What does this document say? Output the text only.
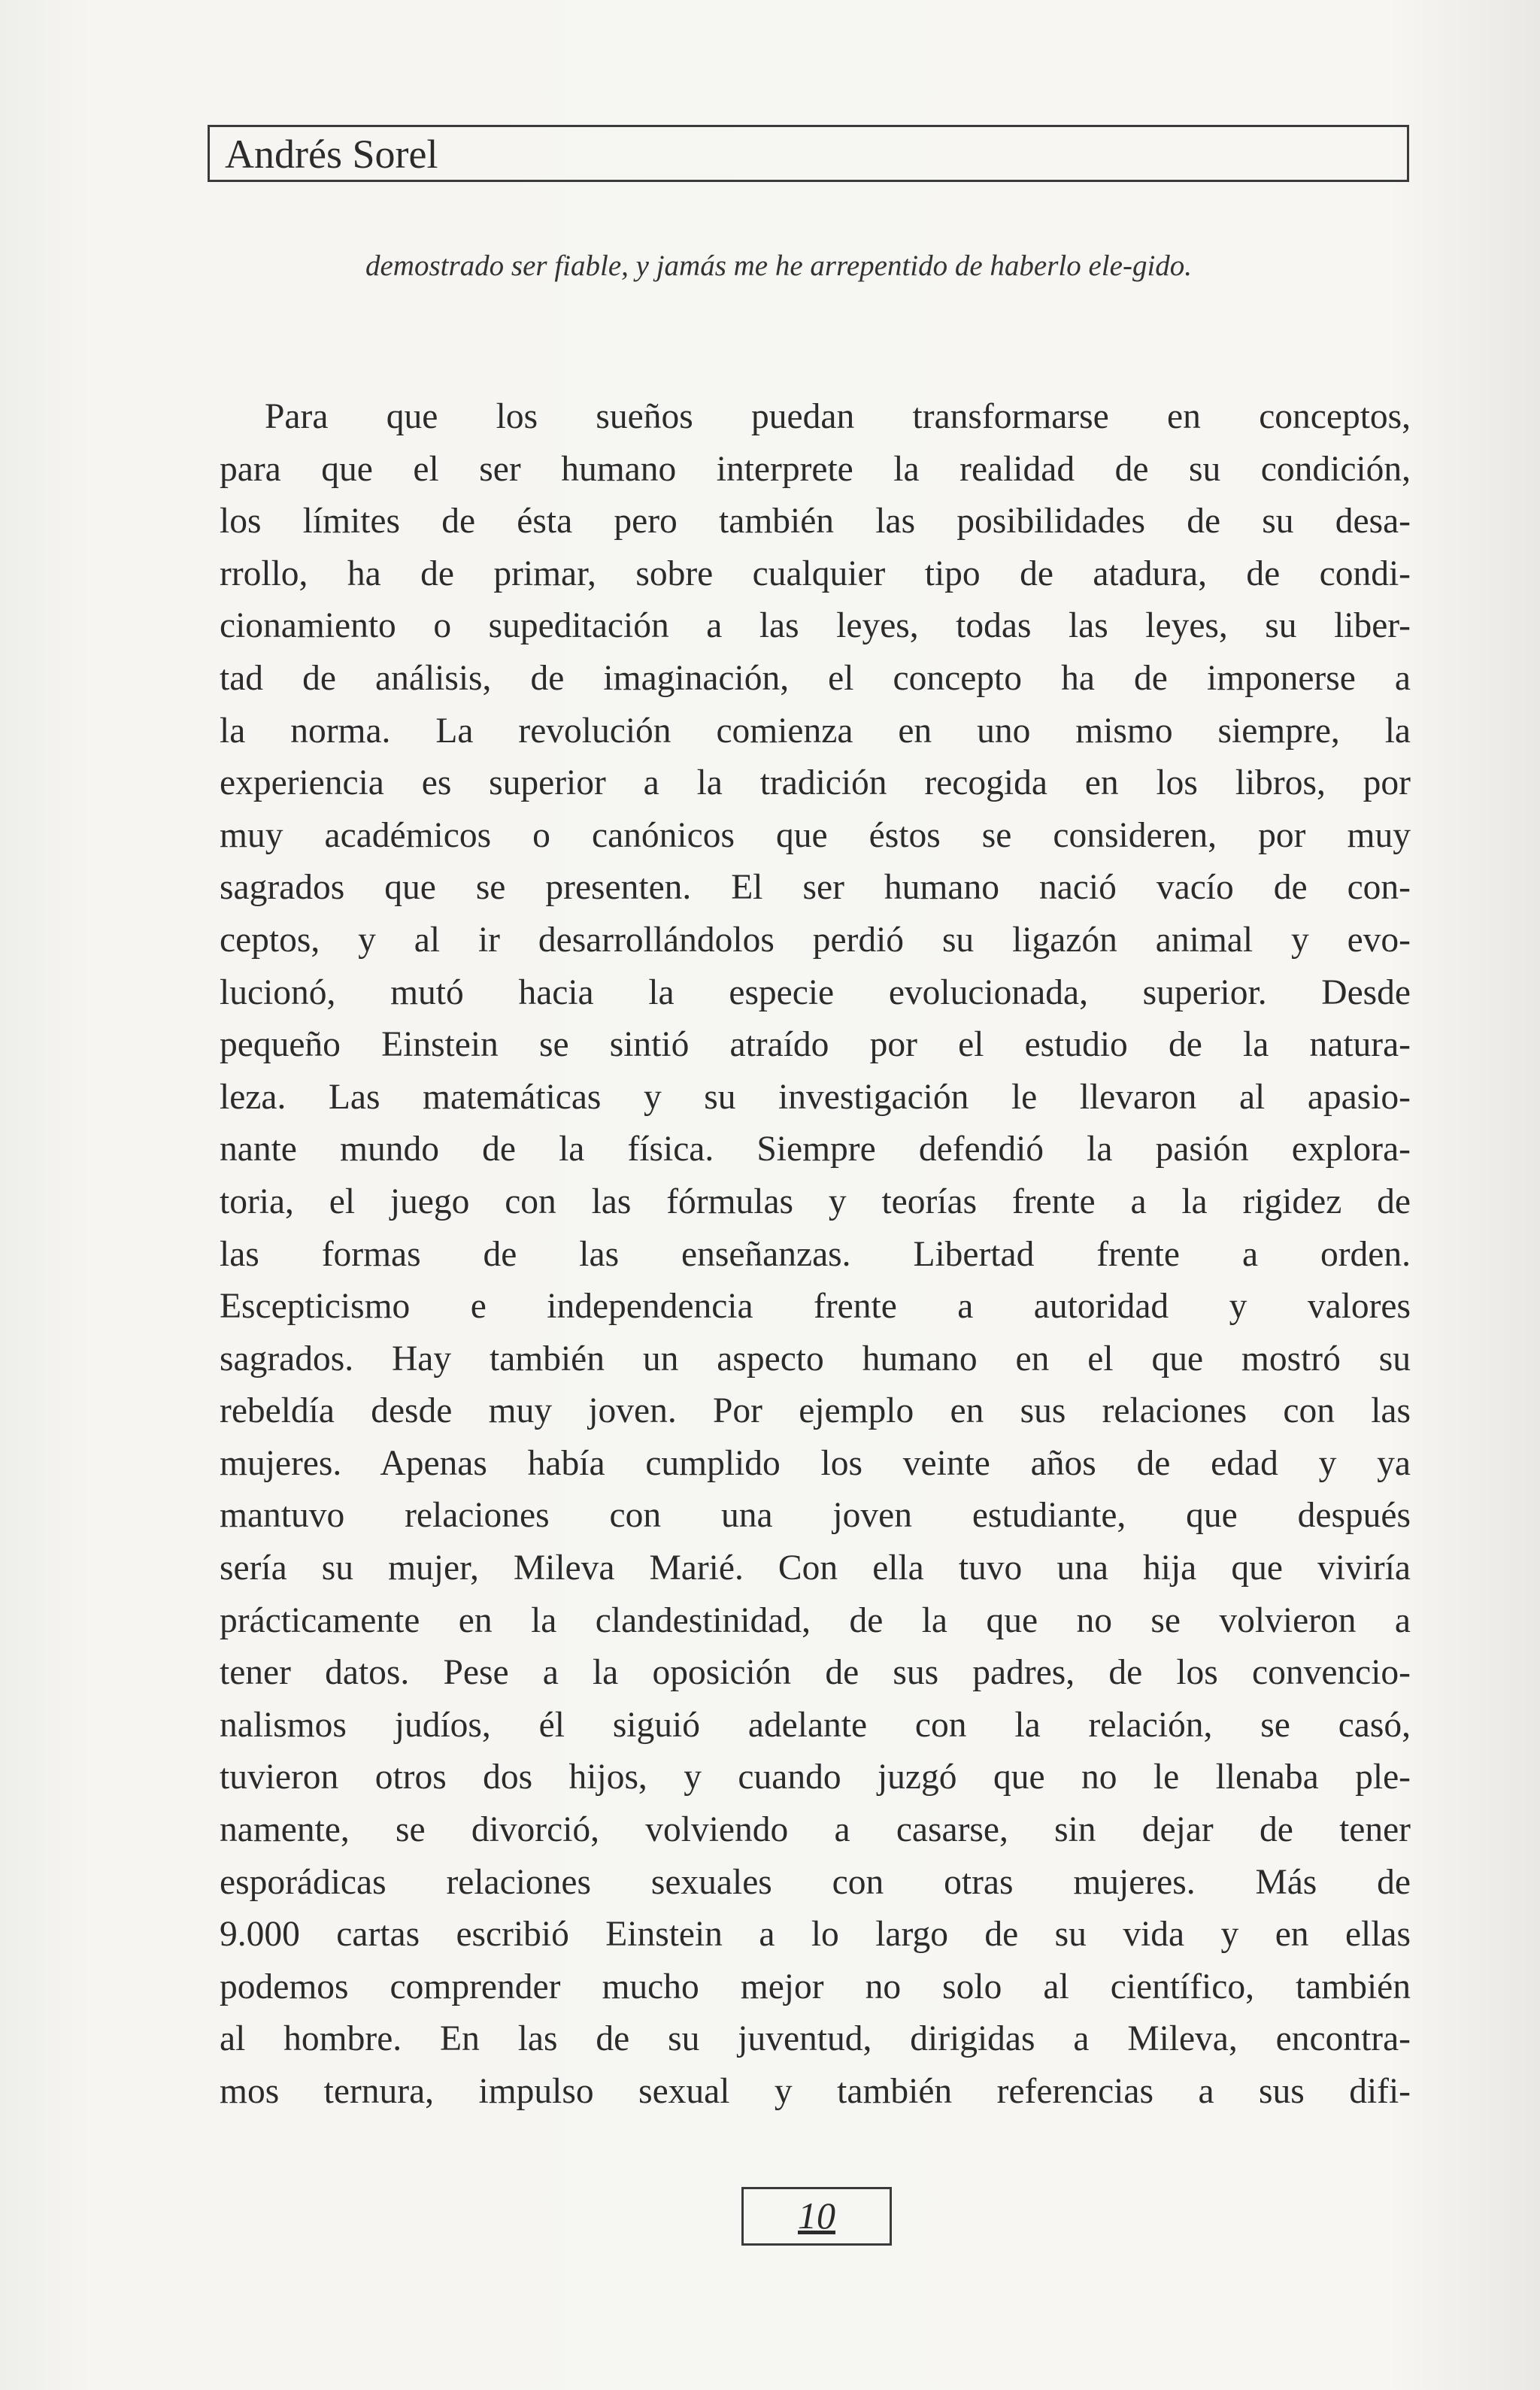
Andrés Sorel
demostrado ser fiable, y jamás me he arrepentido de haberlo ele-gido.
Para que los sueños puedan transformarse en conceptos,
para que el ser humano interprete la realidad de su condición,
los límites de ésta pero también las posibilidades de su desa-
rrollo, ha de primar, sobre cualquier tipo de atadura, de condi-
cionamiento o supeditación a las leyes, todas las leyes, su liber-
tad de análisis, de imaginación, el concepto ha de imponerse a
la norma. La revolución comienza en uno mismo siempre, la
experiencia es superior a la tradición recogida en los libros, por
muy académicos o canónicos que éstos se consideren, por muy
sagrados que se presenten. El ser humano nació vacío de con-
ceptos, y al ir desarrollándolos perdió su ligazón animal y evo-
lucionó, mutó hacia la especie evolucionada, superior. Desde
pequeño Einstein se sintió atraído por el estudio de la natura-
leza. Las matemáticas y su investigación le llevaron al apasio-
nante mundo de la física. Siempre defendió la pasión explora-
toria, el juego con las fórmulas y teorías frente a la rigidez de
las formas de las enseñanzas. Libertad frente a orden.
Escepticismo e independencia frente a autoridad y valores
sagrados. Hay también un aspecto humano en el que mostró su
rebeldía desde muy joven. Por ejemplo en sus relaciones con las
mujeres. Apenas había cumplido los veinte años de edad y ya
mantuvo relaciones con una joven estudiante, que después
sería su mujer, Mileva Marié. Con ella tuvo una hija que viviría
prácticamente en la clandestinidad, de la que no se volvieron a
tener datos. Pese a la oposición de sus padres, de los convencio-
nalismos judíos, él siguió adelante con la relación, se casó,
tuvieron otros dos hijos, y cuando juzgó que no le llenaba ple-
namente, se divorció, volviendo a casarse, sin dejar de tener
esporádicas relaciones sexuales con otras mujeres. Más de
9.000 cartas escribió Einstein a lo largo de su vida y en ellas
podemos comprender mucho mejor no solo al científico, también
al hombre. En las de su juventud, dirigidas a Mileva, encontra-
mos ternura, impulso sexual y también referencias a sus difi-
10
